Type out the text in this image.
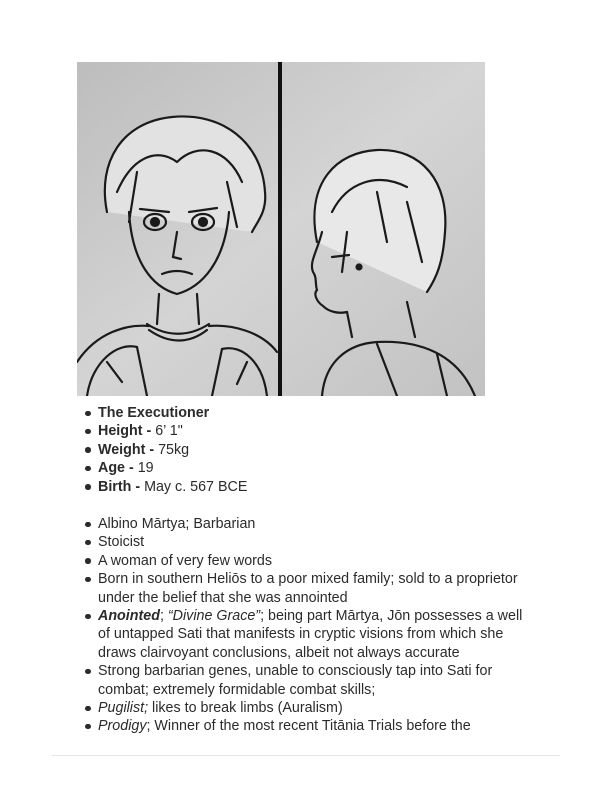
The Executioner
Height - 6’ 1"
Weight - 75kg
Age - 19
Birth - May c. 567 BCE
Albino Mārtya; Barbarian
Stoicist
A woman of very few words
Born in southern Heliōs to a poor mixed family; sold to a proprietor under the belief that she was annointed
Anointed; “Divine Grace”; being part Mārtya, Jōn possesses a well of untapped Sati that manifests in cryptic visions from which she draws clairvoyant conclusions, albeit not always accurate
Strong barbarian genes, unable to consciously tap into Sati for combat; extremely formidable combat skills;
Pugilist; likes to break limbs (Auralism)
Prodigy; Winner of the most recent Titānia Trials before the
